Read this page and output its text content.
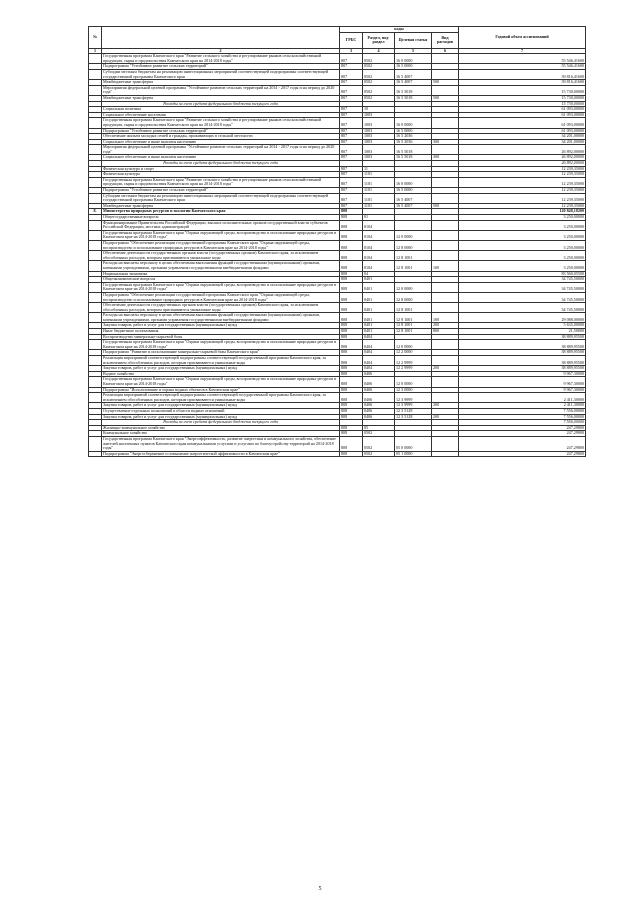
№		коды				Годовой объем ассигнований
		ГРБС	Раздел, под-раздел	Целевая статья	Вид расходов	
1	2	3	4	5	6	7
	Государственная программа Камчатского края "Развитие сельского хозяйства и регулирование рынков сельскохозяйственной продукции, сырья и продовольствия Камчатского края на 2014-2018 годы"	807	0502	16 0 0000		55 546,41600
	Подпрограмма "Устойчивое развитие сельских территорий"	807	0502	16 5 0000		55 546,41600
	Субсидии местным бюджетам на реализацию инвестиционных мероприятий соответствующей подпрограммы соответствующей государственной программы Камчатского края	807	0502	16 5 4007		39 816,41600
	Межбюджетные трансферты	807	0502	16 5 4007	500	39 816,41600
	Мероприятия федеральной целевой программы "Устойчивое развитие сельских территорий на 2014 - 2017 годы и на период до 2020 года"	807	0502	16 5 5018		15 730,00000
	Межбюджетные трансферты	807	0502	16 5 5018	500	15 730,00000
	Расходы за счет средств федерального бюджета текущего года					15 730,00000
	Социальная политика	807	10			61 093,00000
	Социальное обеспечение населения	807	1003			61 093,00000
	Государственная программа Камчатского края "Развитие сельского хозяйства и регулирование рынков сельскохозяйственной продукции, сырья и продовольствия Камчатского края на 2014-2018 годы"	807	1003	16 0 0000		61 093,00000
	Подпрограмма "Устойчивое развитие сельских территорий"	807	1003	16 5 0000		61 093,00000
	Обеспечение жильем молодых семей и граждан, проживающих в сельской местности	807	1003	16 5 2036		34 201,00000
	Социальное обеспечение и иные выплаты населению	807	1003	16 5 2036	300	34 201,00000
	Мероприятия федеральной целевой программы "Устойчивое развитие сельских территорий на 2014 - 2017 годы и на период до 2020 года"	807	1003	16 5 5018		26 892,00000
	Социальное обеспечение и иные выплаты населению	807	1003	16 5 5018	300	26 892,00000
	Расходы за счет средств федерального бюджета текущего года					26 892,00000
	Физическая культура и спорт	807	11			12 239,35000
	Физическая культура	807	1101			12 239,35000
	Государственная программа Камчатского края "Развитие сельского хозяйства и регулирование рынков сельскохозяйственной продукции, сырья и продовольствия Камчатского края на 2014-2018 годы"	807	1101	16 0 0000		12 239,35000
	Подпрограмма "Устойчивое развитие сельских территорий"	807	1101	16 5 0000		12 239,35000
	Субсидии местным бюджетам на реализацию инвестиционных мероприятий соответствующей подпрограммы соответствующей государственной программы Камчатского края	807	1101	16 5 4007		12 239,35000
	Межбюджетные трансферты	807	1101	16 5 4007	500	12 239,35000
8.	Министерство природных ресурсов и экологии Камчатского края	808				120 848,18200
	Общегосударственные вопросы	808	01			3 250,00000
	Функционирование Правительства Российской Федерации, высших исполнительных органов государственной власти субъектов Российской Федерации, местных администраций	808	0104			3 250,00000
	Государственная программа Камчатского края "Охрана окружающей среды, воспроизводство и использование природных ресурсов в Камчатском крае на 2014-2018 годы"	808	0104	12 0 0000		3 250,00000
	Подпрограмма "Обеспечение реализации государственной программы Камчатского края "Охрана окружающей среды, воспроизводство и использование природных ресурсов в Камчатском крае на 2014-2018 годы"	808	0104	12 8 0000		3 250,00000
	Обеспечение деятельности государственных органов власти (государственных органов) Камчатского края, за исключением обособленных расходов, которым присваиваются уникальные коды	808	0104	12 8 1001		3 250,00000
	Расходы на выплаты персоналу в целях обеспечения выполнения функций государственными (муниципальными) органами, казенными учреждениями, органами управления государственными внебюджетными фондами	808	0104	12 8 1001	100	3 250,00000
	Национальная экономика	808	04			83 560,05500
	Общеэкономические вопросы	808	0401			34 745,50000
	Государственная программа Камчатского края "Охрана окружающей среды, воспроизводство и использование природных ресурсов в Камчатском крае на 2014-2018 годы"	808	0401	12 0 0000		34 745,50000
	Подпрограмма "Обеспечение реализации государственной программы Камчатского края "Охрана окружающей среды, воспроизводство и использование природных ресурсов в Камчатском крае на 2014-2018 годы"	808	0401	12 8 0000		34 745,50000
	Обеспечение деятельности государственных органов власти (государственных органов) Камчатского края, за исключением обособленных расходов, которым присваиваются уникальные коды	808	0401	12 8 1001		34 745,50000
	Расходы на выплаты персоналу в целях обеспечения выполнения функций государственными (муниципальными) органами, казенными учреждениями, органами управления государственными внебюджетными фондами	808	0401	12 8 1001	100	29 088,00000
	Закупка товаров, работ и услуг для государственных (муниципальных) нужд	808	0401	12 8 1001	200	5 635,00000
	Иные бюджетные ассигнования	808	0401	12 8 1001	800	21,50000
	Воспроизводство минерально-сырьевой базы	808	0404			38 889,95500
	Государственная программа Камчатского края "Охрана окружающей среды, воспроизводство и использование природных ресурсов в Камчатском крае на 2014-2018 годы"	808	0404	12 0 0000		38 889,95500
	Подпрограмма "Развитие и использование минерально-сырьевой базы Камчатского края"	808	0404	12 2 0000		38 889,95500
	Реализация мероприятий соответствующей подпрограммы соответствующей государственной программы Камчатского края, за исключением обособленных расходов, которым присваиваются уникальные коды	808	0404	12 2 9999		38 889,95500
	Закупка товаров, работ и услуг для государственных (муниципальных) нужд	808	0404	12 2 9999	200	38 889,95500
	Водное хозяйство	808	0406			9 967,30000
	Государственная программа Камчатского края "Охрана окружающей среды, воспроизводство и использование природных ресурсов в Камчатском крае на 2014-2018 годы"	808	0406	12 0 0000		9 967,30000
	Подпрограмма "Использование и охрана водных объектов в Камчатском крае"	808	0406	12 3 0000		9 967,30000
	Реализация мероприятий соответствующей подпрограммы соответствующей государственной программы Камчатского края, за исключением обособленных расходов, которым присваиваются уникальные коды	808	0406	12 3 9999		2 411,30000
	Закупка товаров, работ и услуг для государственных (муниципальных) нужд	808	0406	12 3 9999	200	2 411,30000
	Осуществление отдельных полномочий в области водных отношений	808	0406	12 3 5128		7 556,00000
	Закупка товаров, работ и услуг для государственных (муниципальных) нужд	808	0406	12 3 5128	200	7 556,00000
	Расходы за счет средств федерального бюджета текущего года					7 556,00000
	Жилищно-коммунальное хозяйство	808	05			247,29800
	Коммунальное хозяйство	808	0502			247,29800
	Государственная программа Камчатского края "Энергоэффективность, развитие энергетики и коммунального хозяйства, обеспечение жителей населенных пунктов Камчатского края коммунальными услугами и услугами по благоустройству территорий на 2014-2018 годы"	808	0502	05 0 0000		247,29800
	Подпрограмма "Энергосбережение и повышение энергетической эффективности в Камчатском крае"	808	0502	05 1 0000		247,29800
5
